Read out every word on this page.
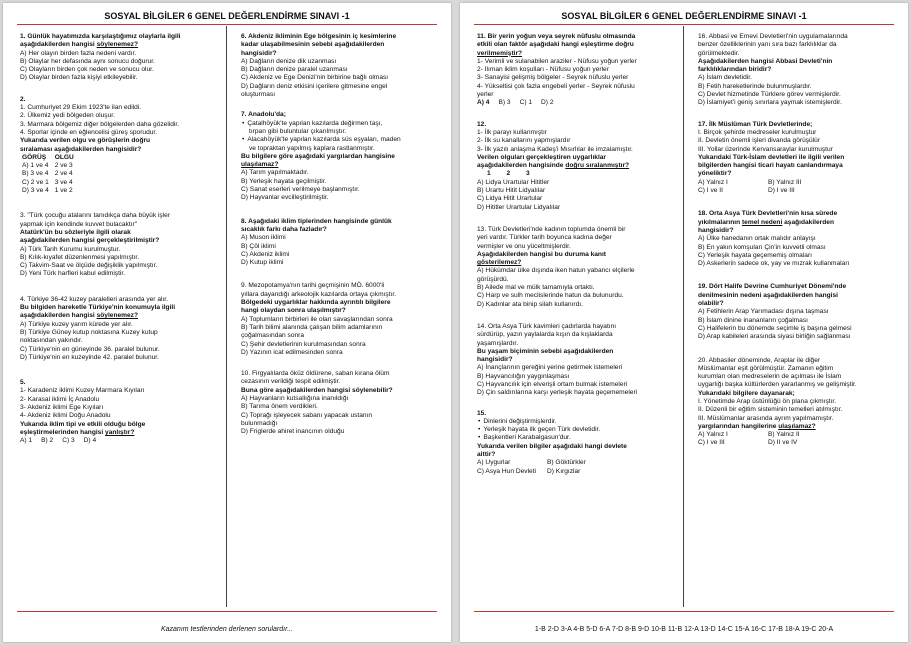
SOSYAL BİLGİLER 6 GENEL DEĞERLENDİRME SINAVI -1
1. Günlük hayatımızda karşılaştığımız olaylarla ilgili
aşağıdakilerden hangisi söylenemez?
A) Her olayın birden fazla nedeni vardır.
B) Olaylar her defasında aynı sonucu doğurur.
C) Olayların birden çok neden ve sonucu olur.
D) Olaylar birden fazla kişiyi etkileyebilir.
2.
1. Cumhuriyet 29 Ekim 1923'te ilan edildi.
2. Ülkemiz yedi bölgeden oluşur.
3. Marmara bölgemiz diğer bölgelerden daha gözelidir.
4. Sporlar içinde en eğlencelisi güreş sporudur.
Yukarıda verilen olgu ve görüşlerin doğru
sıralaması aşağıdakilerden hangisidir?
GÖRÜŞ	OLGU
A) 1 ve 4	2 ve 3
B) 3 ve 4	2 ve 4
C) 2 ve 1	3 ve 4
D) 3 ve 4	1 ve 2
3. "Türk çocuğu atalarını tanıdıkça daha büyük işler
yapmak için kendinde kuvvet bulacaktır"
Atatürk'ün bu sözleriyle ilgili olarak
aşağıdakilerden hangisi gerçekleştirilmiştir?
A) Türk Tarih Kurumu kurulmuştur.
B) Kılık-kıyafet düzenlenmesi yapılmıştır.
C) Takvim-Saat ve ölçüde değişiklik yapılmıştır.
D) Yeni Türk harfleri kabul edilmiştir.
4. Türkiye 36-42 kuzey paralelleri arasında yer alır.
Bu bilgiden hareketle Türkiye'nin konumuyla ilgili
aşağıdakilerden hangisi söylenemez?
A) Türkiye kuzey yarım kürede yer alır.
B) Türkiye Güney kutup noktasına Kuzey kutup
noktasından yakındır.
C) Türkiye'nin en güneyinde 36. paralel bulunur.
D) Türkiye'nin en kuzeyinde 42. paralel bulunur.
5.
1- Karadeniz iklimi Kuzey Marmara Kıyıları
2- Karasal iklimi İç Anadolu
3- Akdeniz iklimi Ege Kıyıları
4- Akdeniz iklimi Doğu Anadolu
Yukarıda iklim tipi ve etkili olduğu bölge
eşleştirmelerinden hangisi yanlıştır?
A) 1 B) 2 C) 3 D) 4
6. Akdeniz ikliminin Ege bölgesinin iç kesimlerine
kadar ulaşabilmesinin sebebi aşağıdakilerden
hangisidir?
A) Dağların denize dik uzanması
B) Dağların denize paralel uzanması
C) Akdeniz ve Ege Denizi'nin birbirine bağlı olması
D) Dağların deniz etkisini içerilere gitmesine engel
oluşturması
7. Anadolu'da;
• Çatalhöyük'te yapılan kazılarda değirmen taşı,
tırpan gibi buluntular çıkarılmıştır.
• Alacahöyük'te yapılan kazılarda süs eşyaları, maden
ve topraktan yapılmış kaplara rastlanmıştır.
Bu bilgilere göre aşağıdaki yargılardan hangisine
ulaşılamaz?
A) Tarım yapılmaktadır.
B) Yerleşik hayata geçilmiştir.
C) Sanat eserleri verilmeye başlanmıştır.
D) Hayvanlar evcilleştirilmiştir.
8. Aşağıdaki iklim tiplerinden hangisinde günlük
sıcaklık farkı daha fazladır?
A) Muson iklimi
B) Çöl iklimi
C) Akdeniz iklimi
D) Kutup iklimi
9. Mezopotamya'nın tarihi geçmişinin MÖ. 6000'li
yıllara dayandığı arkeolojik kazılarda ortaya çıkmıştır.
Bölgedeki uygarlıklar hakkında ayrıntılı bilgilere
hangi olaydan sonra ulaşılmıştır?
A) Toplumların birbirleri ile olan savaşlarından sonra
B) Tarih bilimi alanında çalışan bilim adamlarının
çoğalmasından sonra
C) Şehir devletlerinin kurulmasından sonra
D) Yazının icat edilmesinden sonra
10. Firgyalılarda öküz öldürene, saban kırana ölüm
cezasının verildiği tespit edilmiştir.
Buna göre aşağıdakilerden hangisi söylenebilir?
A) Hayvanların kutsallığına inanıldığı
B) Tarıma önem verdikleri.
C) Toprağı işleyecek sabanı yapacak ustanın
bulunmadığı
D) Friglerde ahiret inancının olduğu
Kazanım testlerinden derlenen sorulardır...
SOSYAL BİLGİLER 6 GENEL DEĞERLENDİRME SINAVI -1
11. Bir yerin yoğun veya seyrek nüfuslu olmasında
etkili olan faktör aşağıdaki hangi eşleştirme doğru
verilmemiştir?
1- Verimli ve sulanabilen araziler - Nüfusu yoğun yerler
2- Ilıman iklim koşulları - Nüfusu yoğun yerler
3- Sanayisi gelişmiş bölgeler - Seyrek nüfuslu yerler
4- Yükseltisi çok fazla engebeli yerler - Seyrek nüfuslu
yerler
A) 4 B) 3 C) 1 D) 2
12.
1- İlk parayı kullanmıştır
2- İlk su kanallarını yapmışlardır
3- İlk yazılı anlaşma Kadeş'i Mısırlılar ile imzalamıştır.
Verilen olguları gerçekleştiren uygarlıklar
aşağıdakilerden hangisinde doğru sıralanmıştır?
1 2 3
A) Lidya Urartular Hititler
B) Urartu Hitit Lidyalılar
C) Lidya Hitit Urartular
D) Hititler Urartular Lidyalılar
13. Türk Devletleri'nde kadının toplumda önemli bir
yeri vardır. Türkler tarih boyunca kadına değer
vermişler ve onu yüceltmişlerdir.
Aşağıdakilerden hangisi bu duruma kanıt
gösterilemez?
A) Hükümdar ülke dışında iken hatun yabancı elçilerle
görüşürdü.
B) Ailede mal ve mülk tamamıyla ortaktı.
C) Harp ve sulh meclislerinde hatun da bulunurdu.
D) Kadınlar ata binip silah kullanırdı.
14. Orta Asya Türk kavimleri çadırlarda hayatını
sürdürüp, yazın yaylalarda kışın da kışlaklarda
yaşamışlardır.
Bu yaşam biçiminin sebebi aşağıdakilerden
hangisidir?
A) İnançlarının gereğini yerine getirmek istemeleri
B) Hayvancılığın yaygınlaşması
C) Hayvancılık için elverişli ortam bulmak istemeleri
D) Çin saldırılarına karşı yerleşik hayata geçememeleri
15.
• Dinlerini değiştirmişlerdir.
• Yerleşik hayata ilk geçen Türk devletidir.
• Başkentleri Karabalgasun'dur.
Yukarıda verilen bilgiler aşağıdaki hangi devlete
aittir?
A) Uygurlar	B) Göktürkler
C) Asya Hun Devleti	D) Kırgızlar
16. Abbasi ve Emevi Devletleri'nin uygulamalarında
benzer özelliklerinin yanı sıra bazı farklılıklar da
görülmektedir.
Aşağıdakilerden hangisi Abbasi Devleti'nin
farklılıklarından biridir?
A) İslam devletidir.
B) Fetih hareketlerinde bulunmuşlardır.
C) Devlet hizmetinde Türklere görev vermişlerdir.
D) İslamiyet'i geniş sınırlara yaymak istemişlerdir.
17. İlk Müslüman Türk Devletlerinde;
I. Birçok şehirde medreseler kurulmuştur
II. Devletin önemli işleri divanda görüşülür
III. Yollar üzerinde Kervansaraylar kurulmuştur
Yukarıdaki Türk-İslam devletleri ile ilgili verilen
bilgilerden hangisi ticari hayatı canlandırmaya
yöneliktir?
A) Yalnız I	B) Yalnız III
C) I ve II	D) I ve III
18. Orta Asya Türk Devletleri'nin kısa sürede
yıkılmalarının temel nedeni aşağıdakilerden
hangisidir?
A) Ülke hanedanın ortak malıdır anlayışı
B) En yakın komşuları Çin'in kuvvetli olması
C) Yerleşik hayata geçememiş olmaları
D) Askerlerin sadece ok, yay ve mızrak kullanmaları
19. Dört Halife Devrine Cumhuriyet Dönemi'nde
denilmesinin nedeni aşağıdakilerden hangisi
olabilir?
A) Fetihlerin Arap Yarımadası dışına taşması
B) İslam dinine inananların çoğalması
C) Halifelerin bu dönemde seçimle iş başına gelmesi
D) Arap kabileleri arasında siyasi birliğin sağlanması
20. Abbasiler döneminde, Araplar ile diğer
Müslümanlar eşit görülmüştür. Zamanın eğitim
kurumları olan medreselerin de açılması ile İslam
uygarlığı başka kültürlerden yararlanmış ve gelişmiştir.
Yukarıdaki bilgilere dayanarak;
I. Yönetimde Arap üstünlüğü ön plana çıkmıştır.
II. Düzenli bir eğitim sisteminin temelleri atılmıştır.
III. Müslümanlar arasında ayrım yapılmamıştır.
yargılarından hangilerine ulaşılamaz?
A) Yalnız I	B) Yalnız II
C) I ve III	D) II ve IV
1-B 2-D 3-A 4-B 5-D 6-A 7-D 8-B 9-D 10-B 11-B 12-A 13-D 14-C 15-A 16-C 17-B 18-A 19-C 20-A
